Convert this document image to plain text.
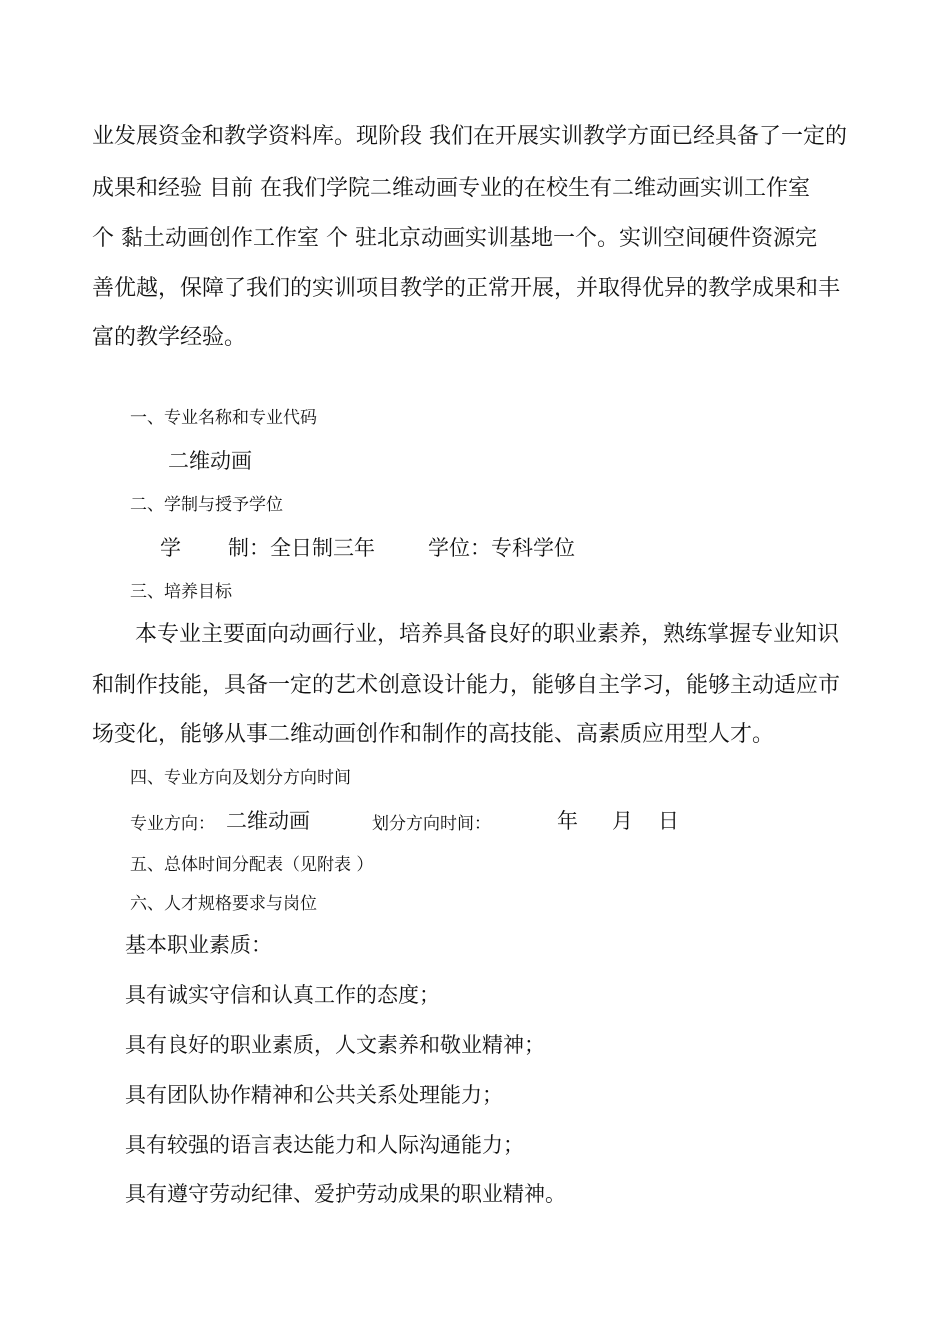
业发展资金和教学资料库。现阶段 我们在开展实训教学方面已经具备了一定的
成果和经验 目前 在我们学院二维动画专业的在校生有二维动画实训工作室
个 黏土动画创作工作室 个 驻北京动画实训基地一个。实训空间硬件资源完
善优越，保障了我们的实训项目教学的正常开展，并取得优异的教学成果和丰
富的教学经验。
一、专业名称和专业代码
二维动画
二、学制与授予学位
学 制：全日制三年	学位：专科学位
三、培养目标
本专业主要面向动画行业，培养具备良好的职业素养，熟练掌握专业知识
和制作技能，具备一定的艺术创意设计能力，能够自主学习，能够主动适应市
场变化，能够从事二维动画创作和制作的高技能、高素质应用型人才。
四、专业方向及划分方向时间
专业方向： 二维动画	划分方向时间：	年 月 日
五、总体时间分配表（见附表 ）
六、人才规格要求与岗位
基本职业素质：
具有诚实守信和认真工作的态度；
具有良好的职业素质，人文素养和敬业精神；
具有团队协作精神和公共关系处理能力；
具有较强的语言表达能力和人际沟通能力；
具有遵守劳动纪律、爱护劳动成果的职业精神。
